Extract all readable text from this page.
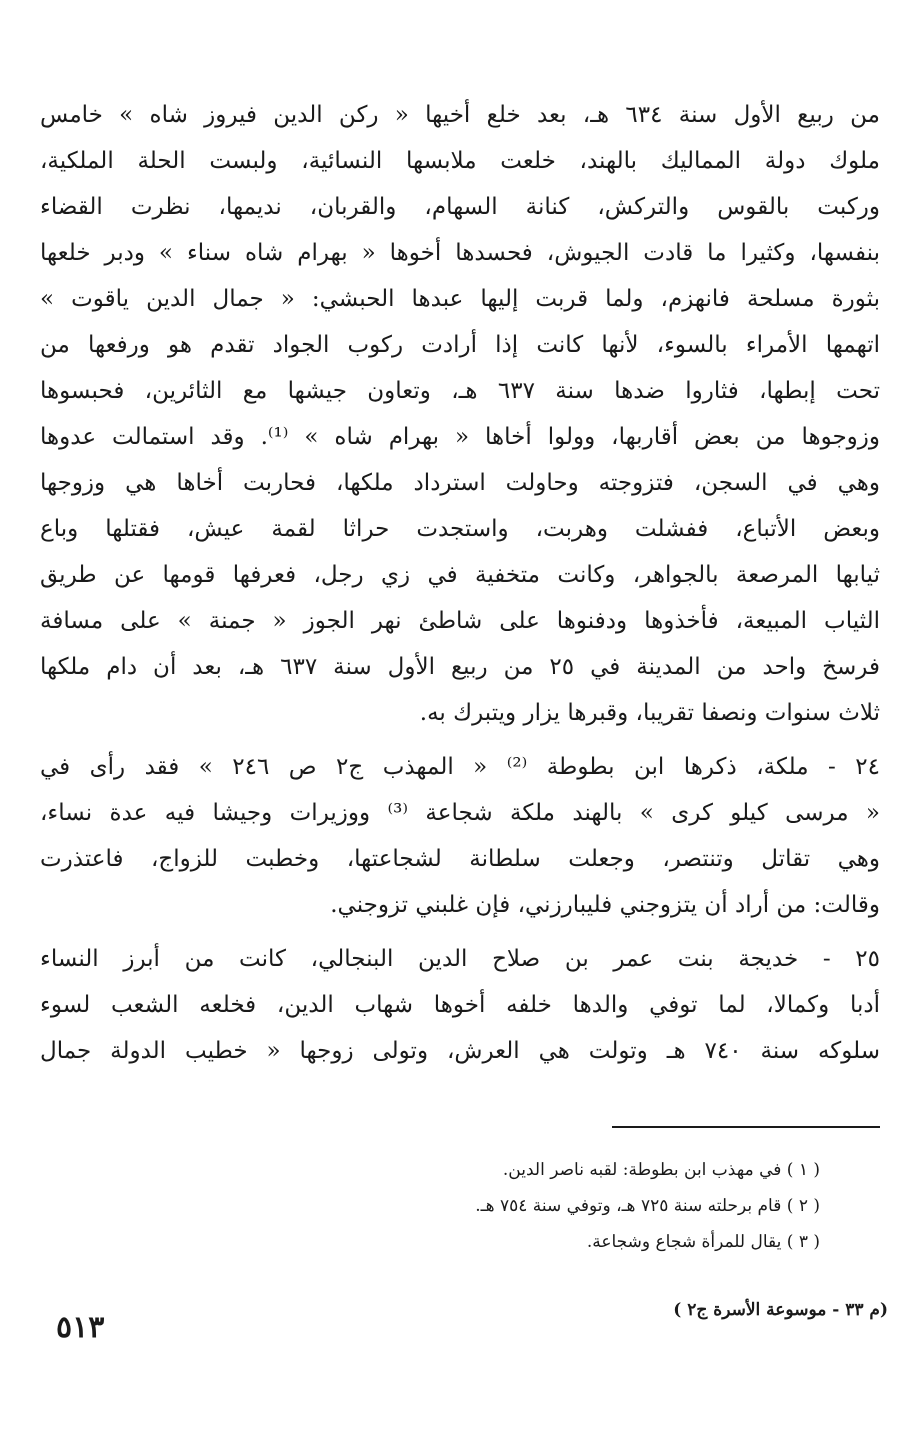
من ربيع الأول سنة ٦٣٤ هـ، بعد خلع أخيها « ركن الدين فيروز شاه » خامس
ملوك دولة المماليك بالهند، خلعت ملابسها النسائية، ولبست الحلة الملكية،
وركبت بالقوس والتركش، كنانة السهام، والقربان، نديمها، نظرت القضاء
بنفسها، وكثيرا ما قادت الجيوش، فحسدها أخوها « بهرام شاه سناء » ودبر خلعها
بثورة مسلحة فانهزم، ولما قربت إليها عبدها الحبشي: « جمال الدين ياقوت »
اتهمها الأمراء بالسوء، لأنها كانت إذا أرادت ركوب الجواد تقدم هو ورفعها من
تحت إبطها، فثاروا ضدها سنة ٦٣٧ هـ، وتعاون جيشها مع الثائرين، فحبسوها
وزوجوها من بعض أقاربها، وولوا أخاها « بهرام شاه » ⁽¹⁾. وقد استمالت عدوها
وهي في السجن، فتزوجته وحاولت استرداد ملكها، فحاربت أخاها هي وزوجها
وبعض الأتباع، ففشلت وهربت، واستجدت حراثا لقمة عيش، فقتلها وباع
ثيابها المرصعة بالجواهر، وكانت متخفية في زي رجل، فعرفها قومها عن طريق
الثياب المبيعة، فأخذوها ودفنوها على شاطئ نهر الجوز « جمنة » على مسافة
فرسخ واحد من المدينة في ٢٥ من ربيع الأول سنة ٦٣٧ هـ، بعد أن دام ملكها
ثلاث سنوات ونصفا تقريبا، وقبرها يزار ويتبرك به.
٢٤ - ملكة، ذكرها ابن بطوطة ⁽²⁾ « المهذب ج٢ ص ٢٤٦ » فقد رأى في
« مرسى كيلو كرى » بالهند ملكة شجاعة ⁽³⁾ ووزيرات وجيشا فيه عدة نساء،
وهي تقاتل وتنتصر، وجعلت سلطانة لشجاعتها، وخطبت للزواج، فاعتذرت
وقالت: من أراد أن يتزوجني فليبارزني، فإن غلبني تزوجني.
٢٥ - خديجة بنت عمر بن صلاح الدين البنجالي، كانت من أبرز النساء
أدبا وكمالا، لما توفي والدها خلفه أخوها شهاب الدين، فخلعه الشعب لسوء
سلوكه سنة ٧٤٠ هـ وتولت هي العرش، وتولى زوجها « خطيب الدولة جمال
( ١ ) في مهذب ابن بطوطة: لقبه ناصر الدين.
( ٢ ) قام برحلته سنة ٧٢٥ هـ، وتوفي سنة ٧٥٤ هـ.
( ٣ ) يقال للمرأة شجاع وشجاعة.
(م ٣٣ - موسوعة الأسرة ج٢ )
٥١٣
